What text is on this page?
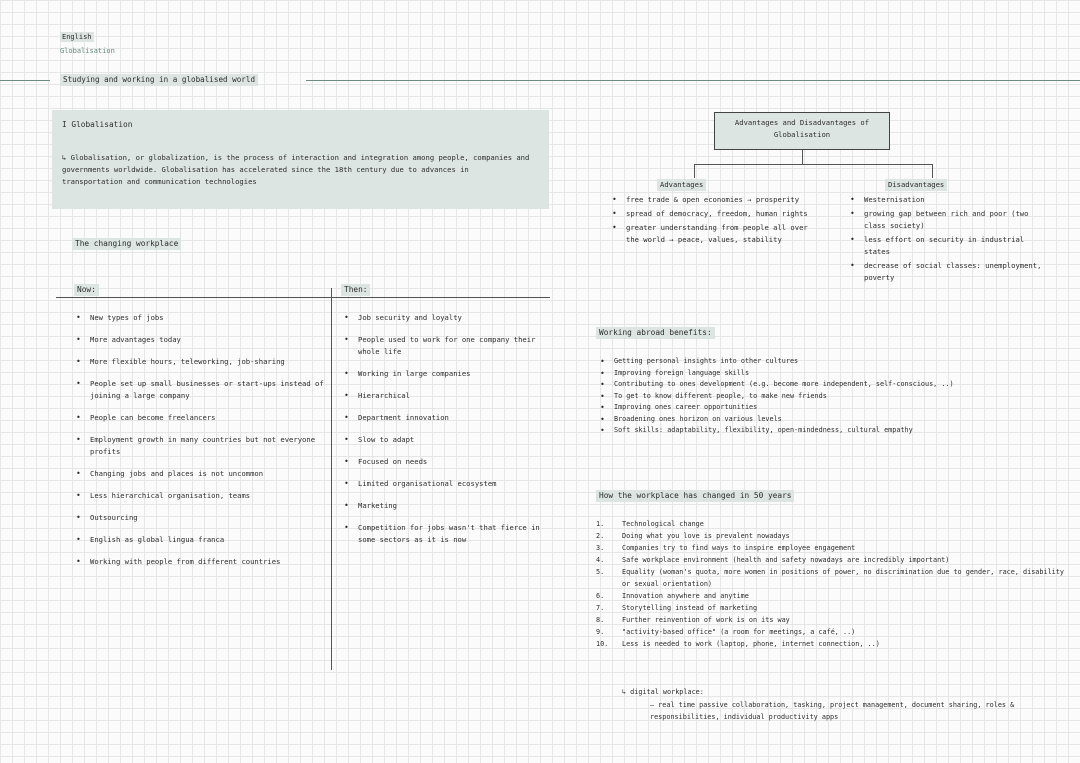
English
Globalisation
Studying and working in a globalised world
I Globalisation
↳ Globalisation, or globalization, is the process of interaction and integration among people, companies and governments worldwide. Globalisation has accelerated since the 18th century due to advances in transportation and communication technologies
The changing workplace
Now:	Then:
• New types of jobs
• More advantages today
• More flexible hours, teleworking, job-sharing
• People set up small businesses or start-ups instead of joining a large company
• People can become freelancers
• Employment growth in many countries but not everyone profits
• Changing jobs and places is not uncommon
• Less hierarchical organisation, teams
• Outsourcing
• English as global lingua franca
• Working with people from different countries
• Job security and loyalty
• People used to work for one company their whole life
• Working in large companies
• Hierarchical
• Department innovation
• Slow to adapt
• Focused on needs
• Limited organisational ecosystem
• Marketing
• Competition for jobs wasn't that fierce in some sectors as it is now
Advantages and Disadvantages of Globalisation
Advantages	Disadvantages
• free trade & open economies → prosperity
• spread of democracy, freedom, human rights
• greater understanding from people all over the world → peace, values, stability
• Westernisation
• growing gap between rich and poor (two class society)
• less effort on security in industrial states
• decrease of social classes: unemployment, poverty
Working abroad benefits:
• Getting personal insights into other cultures
• Improving foreign language skills
• Contributing to ones development (e.g. become more independent, self-conscious, ..)
• To get to know different people, to make new friends
• Improving ones career opportunities
• Broadening ones horizon on various levels
• Soft skills: adaptability, flexibility, open-mindedness, cultural empathy
How the workplace has changed in 50 years
1.	Technological change
2.	Doing what you love is prevalent nowadays
3.	Companies try to find ways to inspire employee engagement
4.	Safe workplace environment (health and safety nowadays are incredibly important)
5.	Equality (woman's quota, more women in positions of power, no discrimination due to gender, race, disability or sexual orientation)
6.	Innovation anywhere and anytime
7.	Storytelling instead of marketing
8.	Further reinvention of work is on its way
9.	"activity-based office" (a room for meetings, a café, ..)
10.	Less is needed to work (laptop, phone, internet connection, ..)
↳ digital workplace:
– real time passive collaboration, tasking, project management, document sharing, roles & responsibilities, individual productivity apps
